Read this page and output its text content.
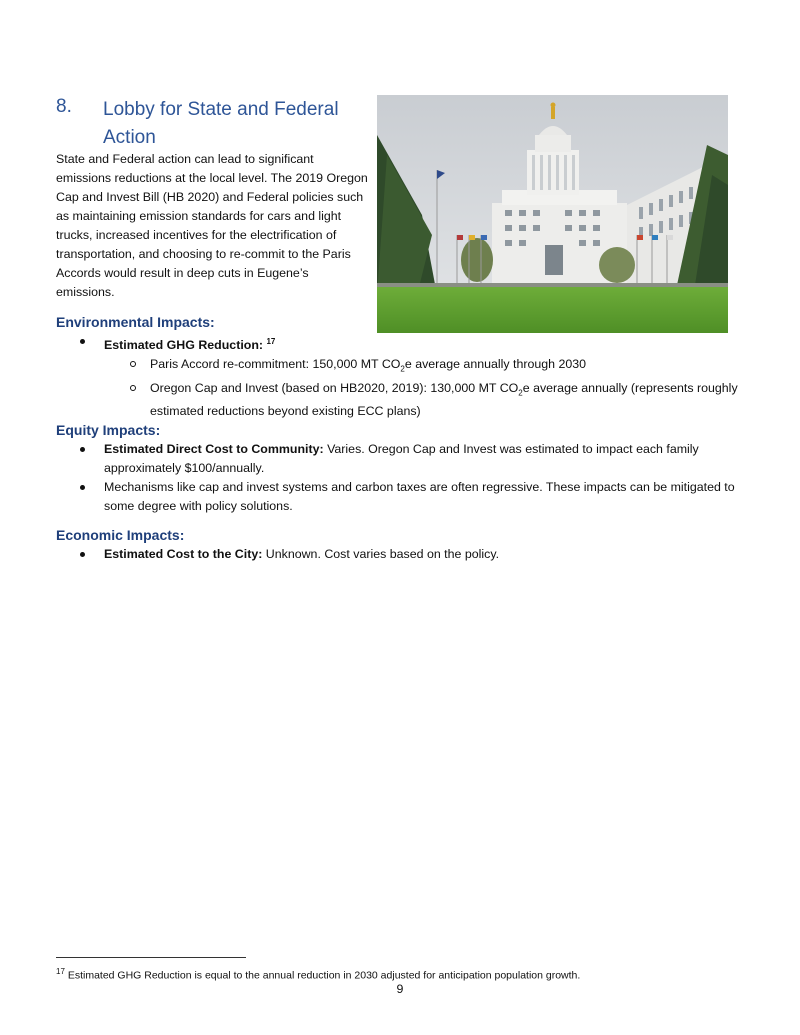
8. Lobby for State and Federal Action
State and Federal action can lead to significant emissions reductions at the local level. The 2019 Oregon Cap and Invest Bill (HB 2020) and Federal policies such as maintaining emission standards for cars and light trucks, increased incentives for the electrification of transportation, and choosing to re-commit to the Paris Accords would result in deep cuts in Eugene’s emissions.
Environmental Impacts:
Estimated GHG Reduction: $^{17}$
Paris Accord re-commitment: 150,000 MT $CO_2e$ average annually through 2030
Oregon Cap and Invest (based on HB2020, 2019): 130,000 MT $CO_2e$ average annually (represents roughly estimated reductions beyond existing ECC plans)
Equity Impacts:
Estimated Direct Cost to Community: Varies. Oregon Cap and Invest was estimated to impact each family approximately $100/annually.
Mechanisms like cap and invest systems and carbon taxes are often regressive. These impacts can be mitigated to some degree with policy solutions.
Economic Impacts:
Estimated Cost to the City: Unknown. Cost varies based on the policy.
$^{17}$ Estimated GHG Reduction is equal to the annual reduction in 2030 adjusted for anticipation population growth.
9
